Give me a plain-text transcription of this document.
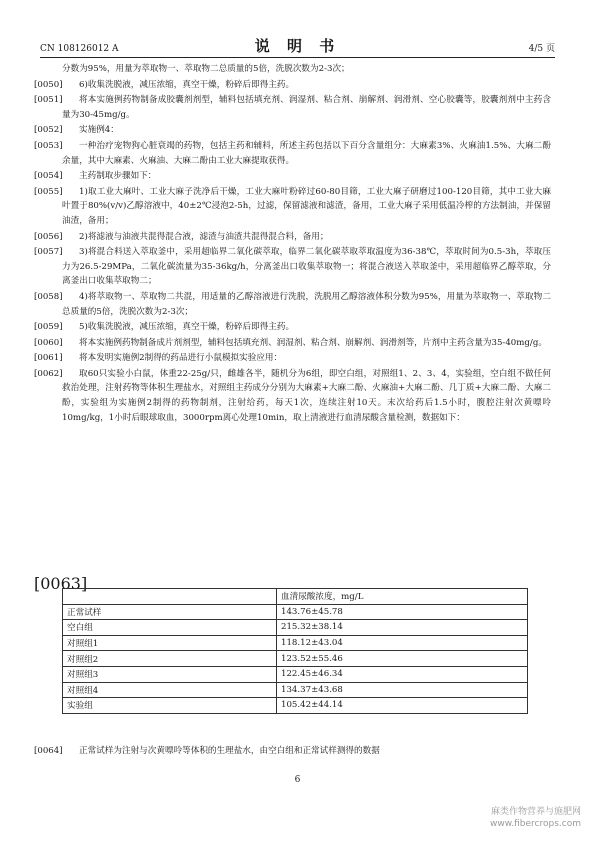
CN 108126012 A	说 明 书	4/5 页
分数为95%，用量为萃取物一、萃取物二总质量的5倍，洗脱次数为2-3次；
[0050]	6)收集洗脱液，减压浓缩，真空干燥，粉碎后即得主药。
[0051]	将本实施例药物制备成胶囊剂剂型，辅料包括填充剂、润湿剂、粘合剂、崩解剂、润滑剂、空心胶囊等，胶囊剂剂中主药含量为30-45mg/g。
[0052]	实施例4：
[0053]	一种治疗宠物狗心脏衰竭的药物，包括主药和辅料，所述主药包括以下百分含量组分：大麻素3%、火麻油1.5%、大麻二酚余量，其中大麻素、火麻油、大麻二酚由工业大麻提取获得。
[0054]	主药制取步骤如下：
[0055]	1)取工业大麻叶、工业大麻子洗净后干燥，工业大麻叶粉碎过60-80目筛，工业大麻子研磨过100-120目筛，其中工业大麻叶置于80%(v/v)乙醇溶液中，40±2℃浸泡2-5h，过滤，保留滤液和滤渣，备用，工业大麻子采用低温冷榨的方法制油，并保留油渣，备用；
[0056]	2)将滤液与油液共混得混合液，滤渣与油渣共混得混合料，备用；
[0057]	3)将混合料送入萃取釜中，采用超临界二氧化碳萃取，临界二氧化碳萃取萃取温度为36-38℃，萃取时间为0.5-3h，萃取压力为26.5-29MPa，二氧化碳流量为35-36kg/h，分离釜出口收集萃取物一；将混合液送入萃取釜中，采用超临界乙醇萃取，分离釜出口收集萃取物二；
[0058]	4)将萃取物一、萃取物二共混，用适量的乙醇溶液进行洗脱，洗脱用乙醇溶液体积分数为95%，用量为萃取物一、萃取物二总质量的5倍，洗脱次数为2-3次；
[0059]	5)收集洗脱液，减压浓缩，真空干燥，粉碎后即得主药。
[0060]	将本实施例药物制备成片剂剂型，辅料包括填充剂、润湿剂、粘合剂、崩解剂、润滑剂等，片剂中主药含量为35-40mg/g。
[0061]	将本发明实施例2制得的药品进行小鼠模拟实验应用：
[0062]	取60只实验小白鼠，体重22-25g/只，雌雄各半，随机分为6组，即空白组，对照组1、2、3、4，实验组，空白组不做任何救治处理，注射药物等体积生理盐水，对照组主药成分分别为大麻素+大麻二酚、火麻油+大麻二酚、几丁质+大麻二酚、大麻二酚，实验组为实施例2制得的药物制剂，注射给药，每天1次，连续注射10天。末次给药后1.5小时，腹腔注射次黄嘌呤10mg/kg，1小时后眼球取血，3000rpm离心处理10min，取上清液进行血清尿酸含量检测，数据如下：
[0063]
	血清尿酸浓度，mg/L
正常试样	143.76±45.78
空白组	215.32±38.14
对照组1	118.12±43.04
对照组2	123.52±55.46
对照组3	122.45±46.34
对照组4	134.37±43.68
实验组	105.42±44.14
[0064]	正常试样为注射与次黄嘌呤等体积的生理盐水，由空白组和正常试样测得的数据
6
麻类作物营养与施肥网
www.fibercrops.com
